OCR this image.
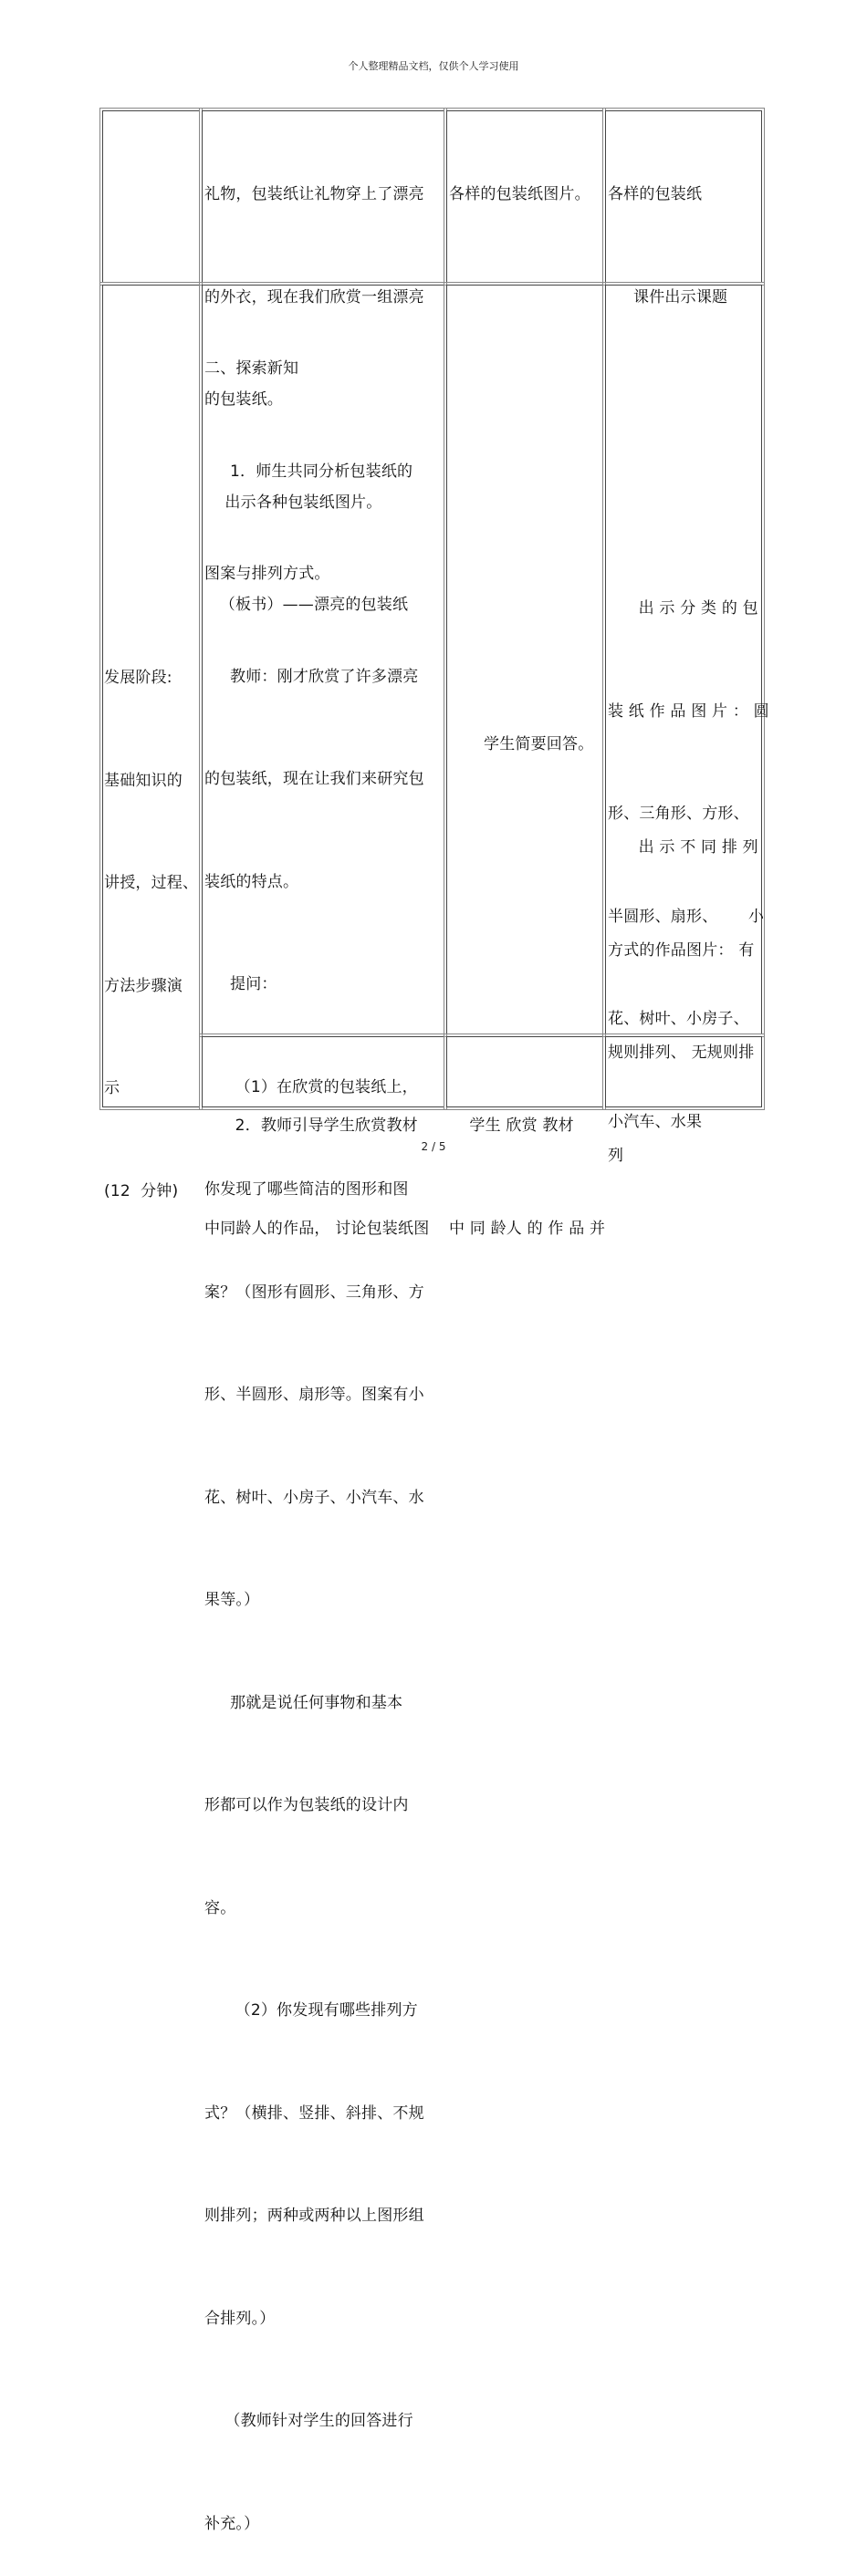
个人整理精品文档，仅供个人学习使用

礼物，包装纸让礼物穿上了漂亮

的外衣，现在我们欣赏一组漂亮

的包装纸。

出示各种包装纸图片。

（板书）——漂亮的包装纸

各样的包装纸图片。

各样的包装纸

课件出示课题

发展阶段:

基础知识的

讲授，过程、

方法步骤演

示

(12  分钟)

二、探索新知

1．师生共同分析包装纸的

图案与排列方式。

教师：刚才欣赏了许多漂亮

的包装纸，现在让我们来研究包

装纸的特点。

提问：

（1）在欣赏的包装纸上，

你发现了哪些简洁的图形和图

案？（图形有圆形、三角形、方

形、半圆形、扇形等。图案有小

花、树叶、小房子、小汽车、水

果等。）

那就是说任何事物和基本

形都可以作为包装纸的设计内

容。

（2）你发现有哪些排列方

式？（横排、竖排、斜排、不规

则排列；两种或两种以上图形组

合排列。）

（教师针对学生的回答进行

补充。）

学生简要回答。

出 示 分 类 的 包

装 纸 作 品 图 片 ： 圆

形、三角形、方形、

半圆形、扇形、      小

花、树叶、小房子、

小汽车、水果

出 示 不 同 排 列

方式的作品图片： 有

规则排列、 无规则排

列

2．教师引导学生欣赏教材

中同龄人的作品， 讨论包装纸图

学生 欣赏 教材

中 同 龄人 的 作 品 并

2 / 5
